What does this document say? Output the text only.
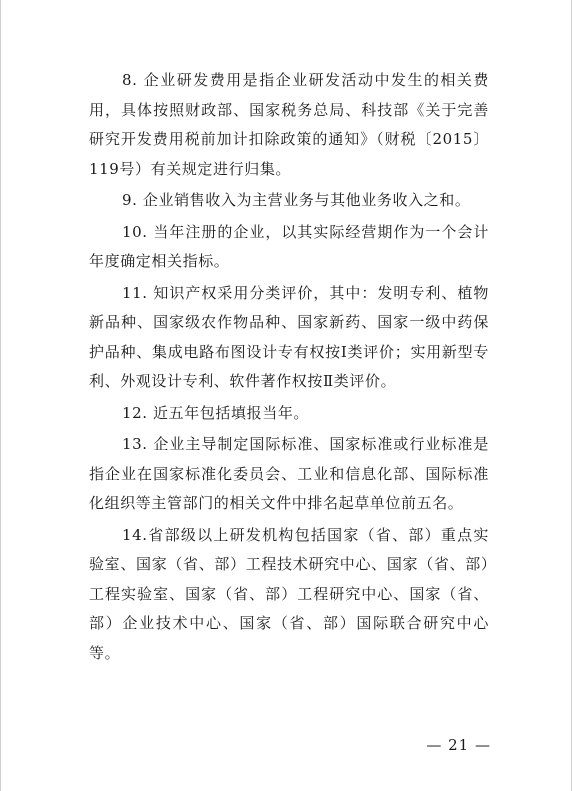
8. 企业研发费用是指企业研发活动中发生的相关费用，具体按照财政部、国家税务总局、科技部《关于完善研究开发费用税前加计扣除政策的通知》（财税〔2015〕119号）有关规定进行归集。

9. 企业销售收入为主营业务与其他业务收入之和。

10. 当年注册的企业，以其实际经营期作为一个会计年度确定相关指标。

11. 知识产权采用分类评价，其中：发明专利、植物新品种、国家级农作物品种、国家新药、国家一级中药保护品种、集成电路布图设计专有权按Ⅰ类评价；实用新型专利、外观设计专利、软件著作权按Ⅱ类评价。

12. 近五年包括填报当年。

13. 企业主导制定国际标准、国家标准或行业标准是指企业在国家标准化委员会、工业和信息化部、国际标准化组织等主管部门的相关文件中排名起草单位前五名。

14.省部级以上研发机构包括国家（省、部）重点实验室、国家（省、部）工程技术研究中心、国家（省、部）工程实验室、国家（省、部）工程研究中心、国家（省、部）企业技术中心、国家（省、部）国际联合研究中心等。

— 21 —
